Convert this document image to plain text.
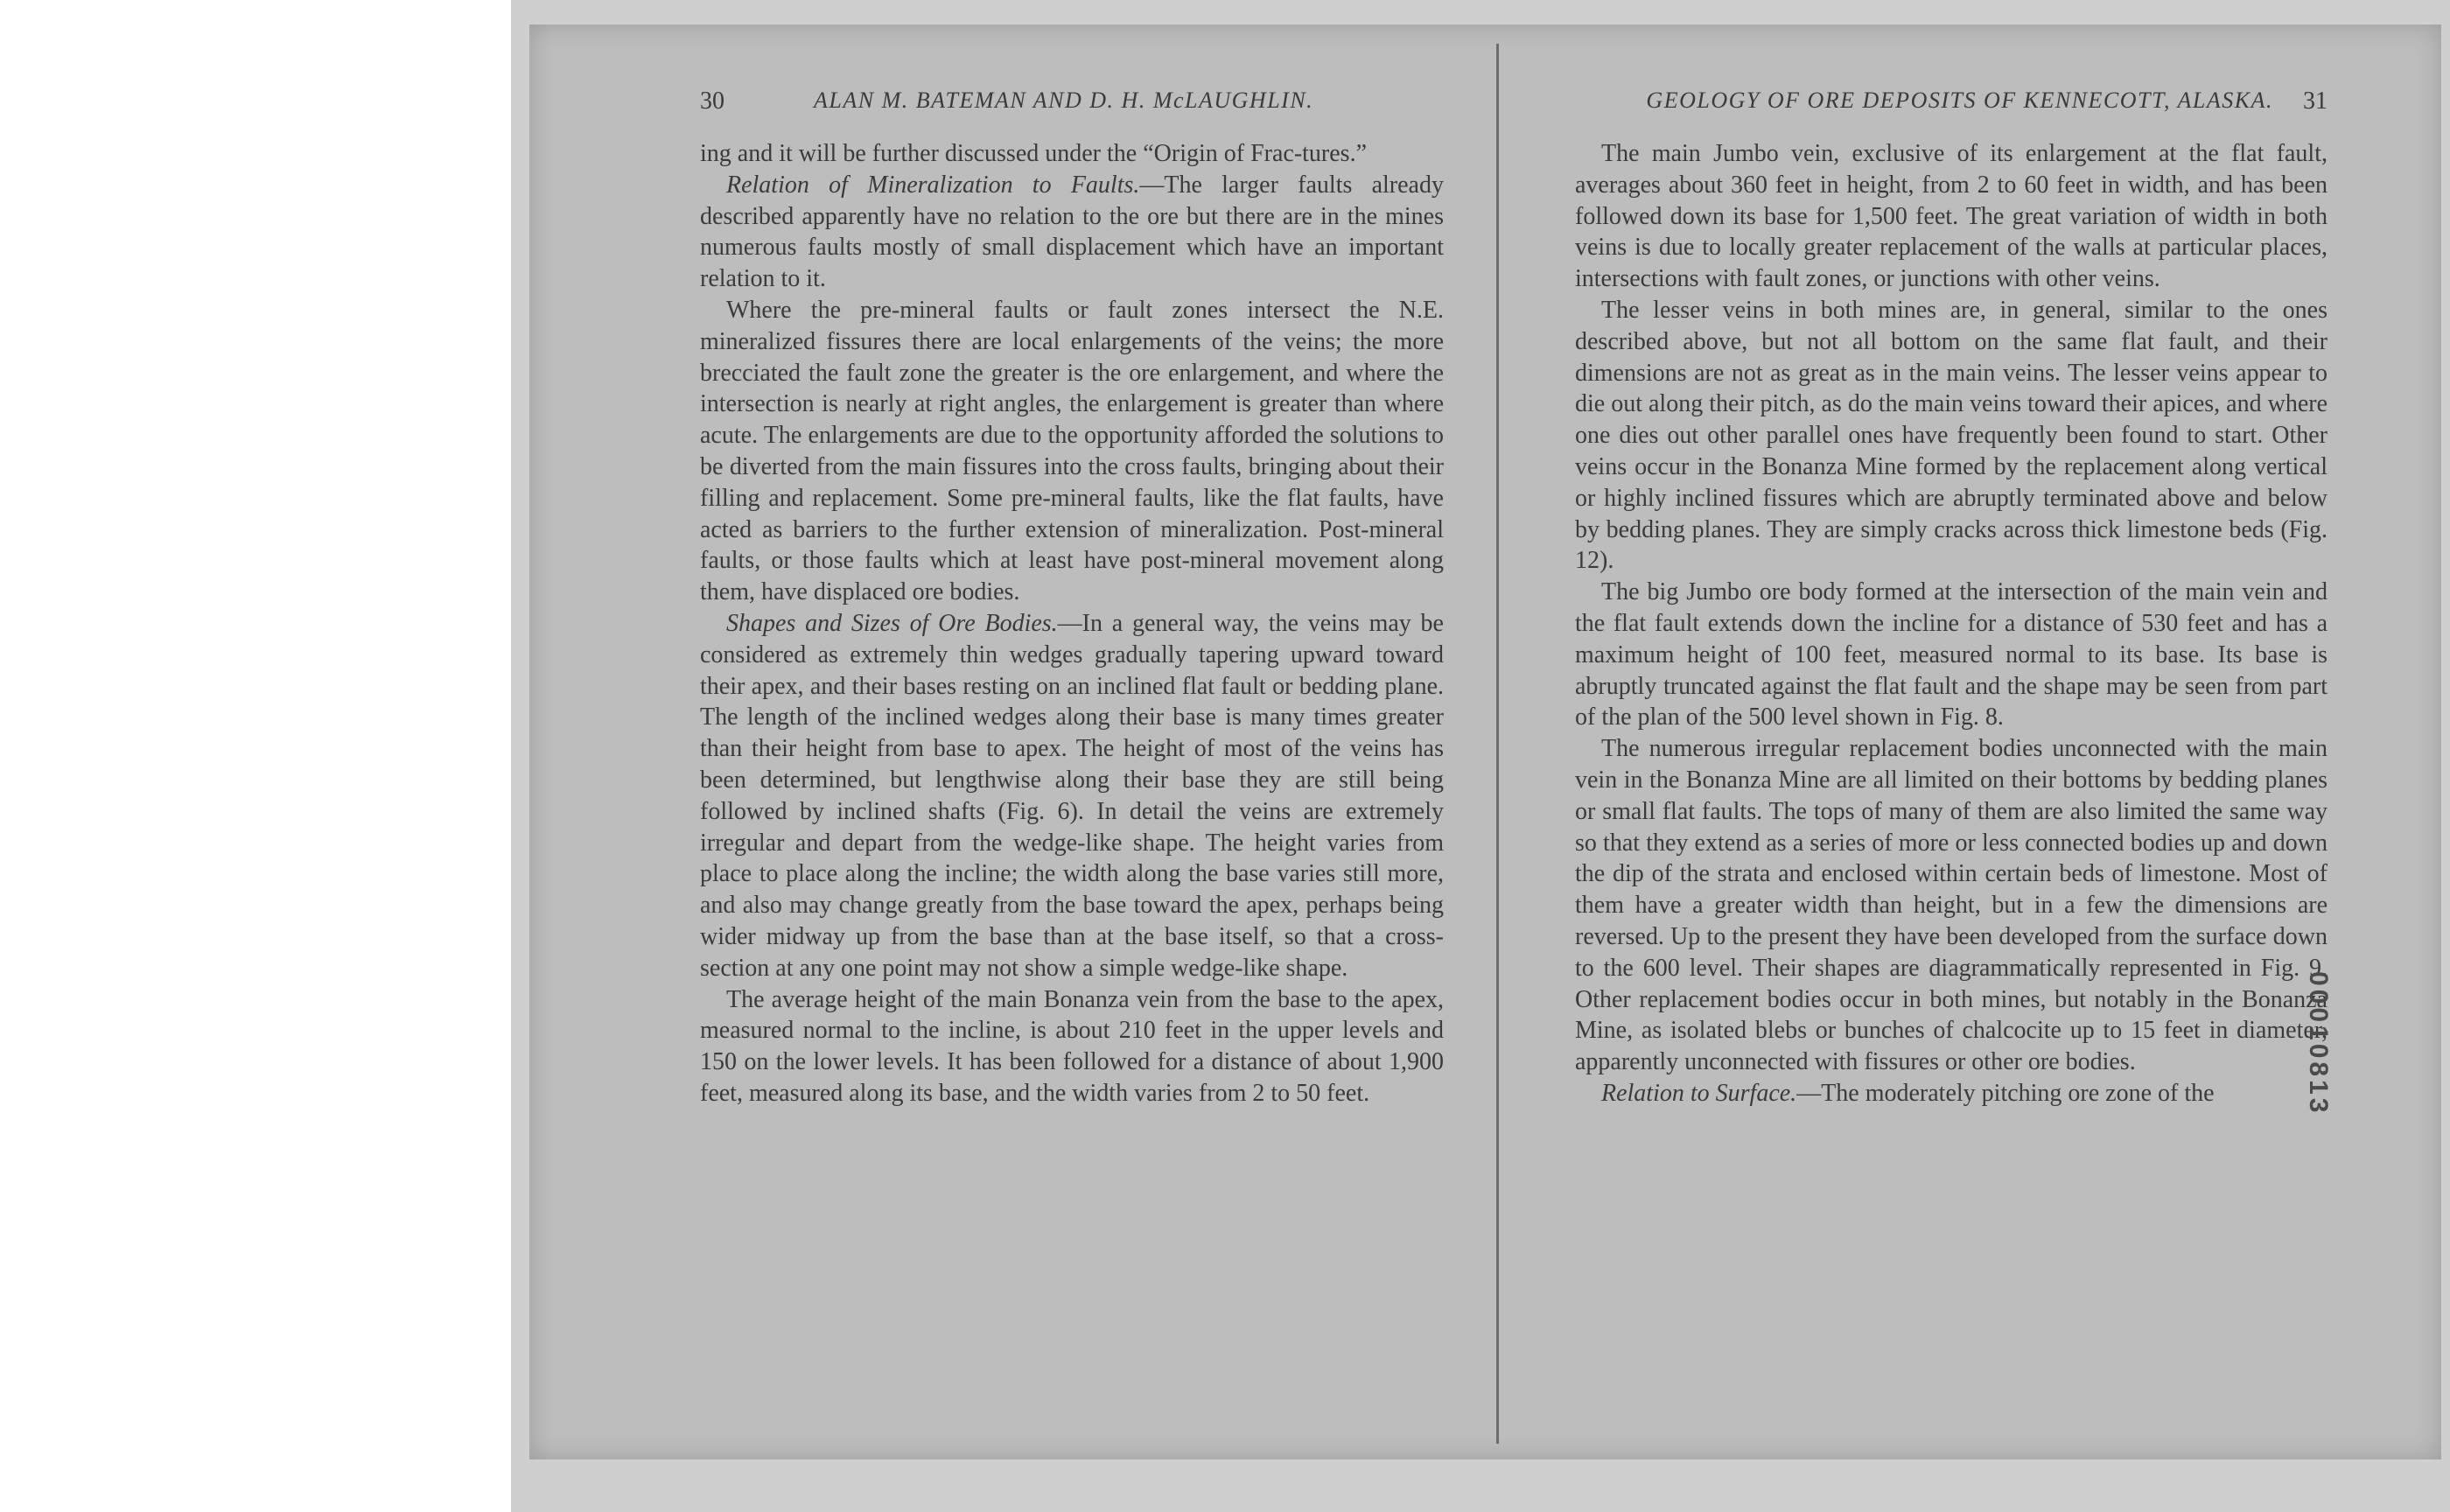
30	ALAN M. BATEMAN AND D. H. McLAUGHLIN.

ing and it will be further discussed under the “Origin of Frac-tures.”

Relation of Mineralization to Faults.—The larger faults already described apparently have no relation to the ore but there are in the mines numerous faults mostly of small displacement which have an important relation to it.

Where the pre-mineral faults or fault zones intersect the N.E. mineralized fissures there are local enlargements of the veins; the more brecciated the fault zone the greater is the ore enlargement, and where the intersection is nearly at right angles, the enlargement is greater than where acute. The enlargements are due to the opportunity afforded the solutions to be diverted from the main fissures into the cross faults, bringing about their filling and replacement. Some pre-mineral faults, like the flat faults, have acted as barriers to the further extension of mineralization. Post-mineral faults, or those faults which at least have post-mineral movement along them, have displaced ore bodies.

Shapes and Sizes of Ore Bodies.—In a general way, the veins may be considered as extremely thin wedges gradually tapering upward toward their apex, and their bases resting on an inclined flat fault or bedding plane. The length of the inclined wedges along their base is many times greater than their height from base to apex. The height of most of the veins has been determined, but lengthwise along their base they are still being followed by inclined shafts (Fig. 6). In detail the veins are extremely irregular and depart from the wedge-like shape. The height varies from place to place along the incline; the width along the base varies still more, and also may change greatly from the base toward the apex, perhaps being wider midway up from the base than at the base itself, so that a cross-section at any one point may not show a simple wedge-like shape.

The average height of the main Bonanza vein from the base to the apex, measured normal to the incline, is about 210 feet in the upper levels and 150 on the lower levels. It has been followed for a distance of about 1,900 feet, measured along its base, and the width varies from 2 to 50 feet.

GEOLOGY OF ORE DEPOSITS OF KENNECOTT, ALASKA. 31

The main Jumbo vein, exclusive of its enlargement at the flat fault, averages about 360 feet in height, from 2 to 60 feet in width, and has been followed down its base for 1,500 feet. The great variation of width in both veins is due to locally greater replacement of the walls at particular places, intersections with fault zones, or junctions with other veins.

The lesser veins in both mines are, in general, similar to the ones described above, but not all bottom on the same flat fault, and their dimensions are not as great as in the main veins. The lesser veins appear to die out along their pitch, as do the main veins toward their apices, and where one dies out other parallel ones have frequently been found to start. Other veins occur in the Bonanza Mine formed by the replacement along vertical or highly inclined fissures which are abruptly terminated above and below by bedding planes. They are simply cracks across thick limestone beds (Fig. 12).

The big Jumbo ore body formed at the intersection of the main vein and the flat fault extends down the incline for a distance of 530 feet and has a maximum height of 100 feet, measured normal to its base. Its base is abruptly truncated against the flat fault and the shape may be seen from part of the plan of the 500 level shown in Fig. 8.

The numerous irregular replacement bodies unconnected with the main vein in the Bonanza Mine are all limited on their bottoms by bedding planes or small flat faults. The tops of many of them are also limited the same way so that they extend as a series of more or less connected bodies up and down the dip of the strata and enclosed within certain beds of limestone. Most of them have a greater width than height, but in a few the dimensions are reversed. Up to the present they have been developed from the surface down to the 600 level. Their shapes are diagrammatically represented in Fig. 9. Other replacement bodies occur in both mines, but notably in the Bonanza Mine, as isolated blebs or bunches of chalcocite up to 15 feet in diameter, apparently unconnected with fissures or other ore bodies.

Relation to Surface.—The moderately pitching ore zone of the	00010813
